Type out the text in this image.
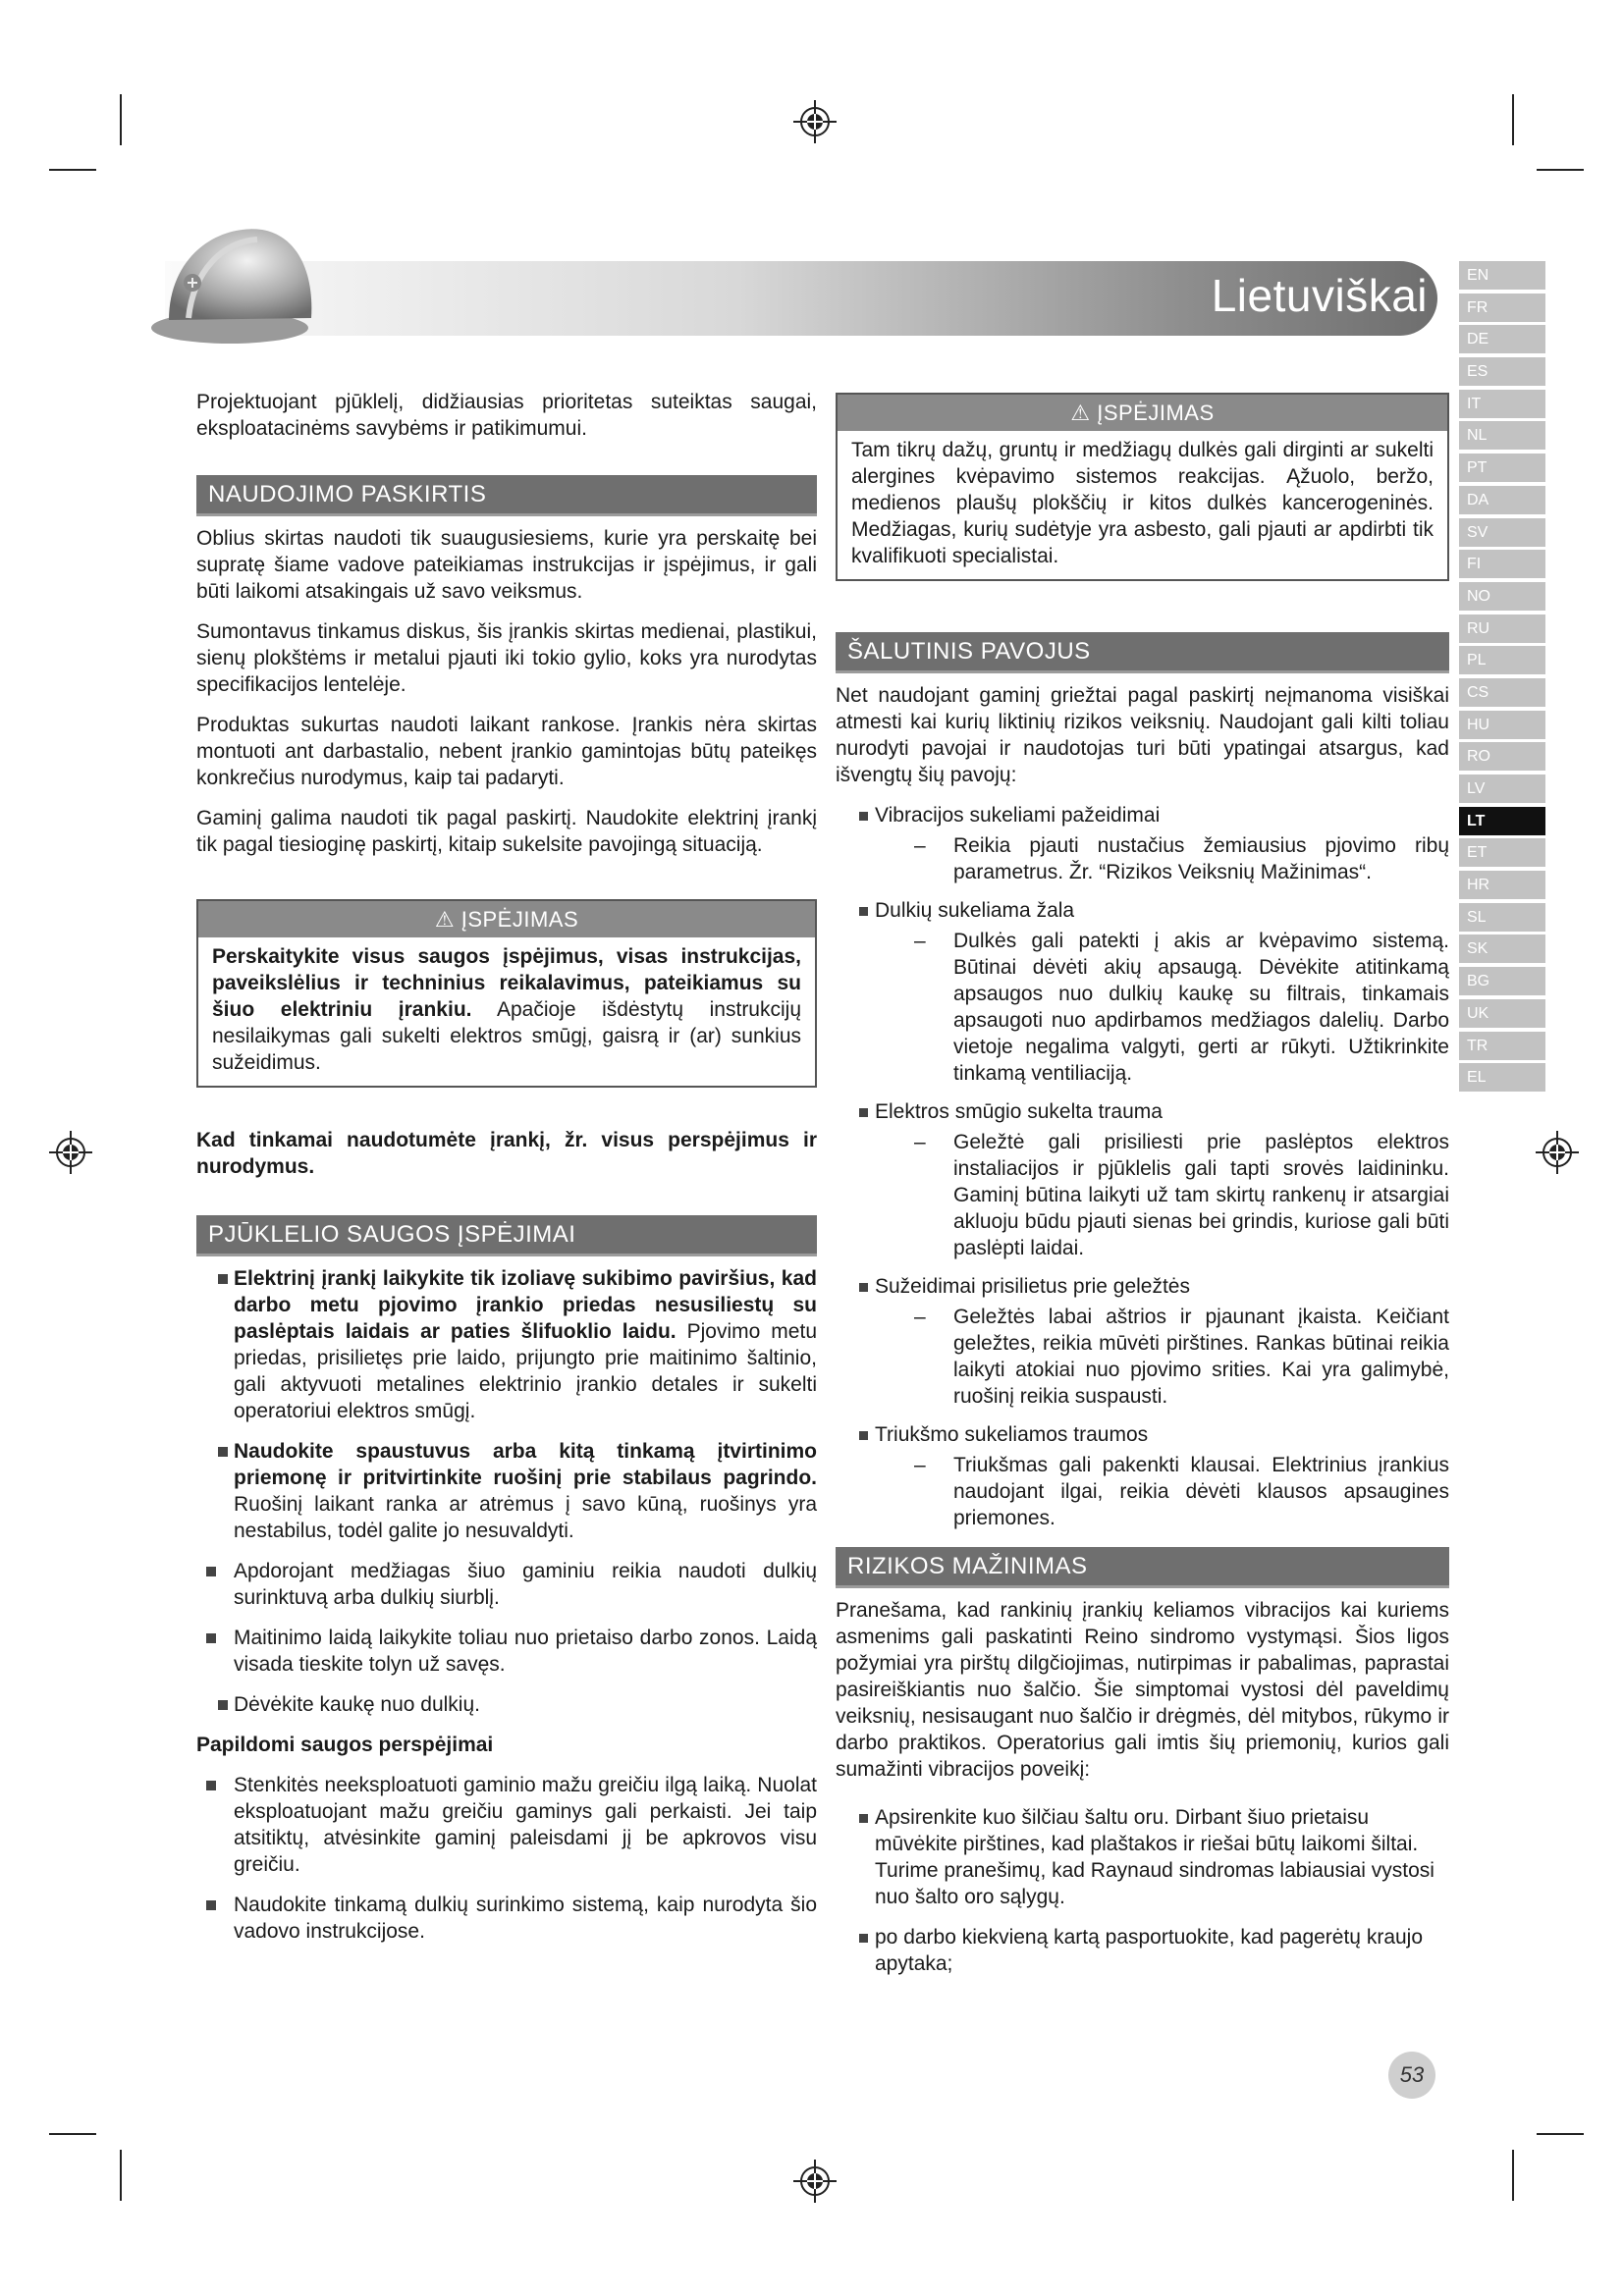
Lietuviškai	EN
FR
DE
ES
IT
NL
PT
DA
SV
FI
NO
RU
PL
CS
HU
RO
LV
LT
ET
HR
SL
SK
BG
UK
TR
EL

Projektuojant pjūklelį, didžiausias prioritetas suteiktas saugai, eksploatacinėms savybėms ir patikimumui.

NAUDOJIMO PASKIRTIS

Oblius skirtas naudoti tik suaugusiesiems, kurie yra perskaitę bei supratę šiame vadove pateikiamas instrukcijas ir įspėjimus, ir gali būti laikomi atsakingais už savo veiksmus.

Sumontavus tinkamus diskus, šis įrankis skirtas medienai, plastikui, sienų plokštėms ir metalui pjauti iki tokio gylio, koks yra nurodytas specifikacijos lentelėje.

Produktas sukurtas naudoti laikant rankose. Įrankis nėra skirtas montuoti ant darbastalio, nebent įrankio gamintojas būtų pateikęs konkrečius nurodymus, kaip tai padaryti.

Gaminį galima naudoti tik pagal paskirtį. Naudokite elektrinį įrankį tik pagal tiesioginę paskirtį, kitaip sukelsite pavojingą situaciją.

⚠ ĮSPĖJIMAS

Perskaitykite visus saugos įspėjimus, visas instrukcijas, paveikslėlius ir techninius reikalavimus, pateikiamus su šiuo elektriniu įrankiu. Apačioje išdėstytų instrukcijų nesilaikymas gali sukelti elektros smūgį, gaisrą ir (ar) sunkius sužeidimus.

Kad tinkamai naudotumėte įrankį, žr. visus perspėjimus ir nurodymus.

PJŪKLELIO SAUGOS ĮSPĖJIMAI
Elektrinį įrankį laikykite tik izoliavę sukibimo paviršius, kad darbo metu pjovimo įrankio priedas nesusiliestų su paslėptais laidais ar paties šlifuoklio laidu. Pjovimo metu priedas, prisilietęs prie laido, prijungto prie maitinimo šaltinio, gali aktyvuoti metalines elektrinio įrankio detales ir sukelti operatoriui elektros smūgį.
Naudokite spaustuvus arba kitą tinkamą įtvirtinimo priemonę ir pritvirtinkite ruošinį prie stabilaus pagrindo. Ruošinį laikant ranka ar atrėmus į savo kūną, ruošinys yra nestabilus, todėl galite jo nesuvaldyti.
Apdorojant medžiagas šiuo gaminiu reikia naudoti dulkių surinktuvą arba dulkių siurblį.
Maitinimo laidą laikykite toliau nuo prietaiso darbo zonos. Laidą visada tieskite tolyn už savęs.
Dėvėkite kaukę nuo dulkių.

Papildomi saugos perspėjimai

Stenkitės neeksploatuoti gaminio mažu greičiu ilgą laiką. Nuolat eksploatuojant mažu greičiu gaminys gali perkaisti. Jei taip atsitiktų, atvėsinkite gaminį paleisdami jį be apkrovos visu greičiu.
Naudokite tinkamą dulkių surinkimo sistemą, kaip nurodyta šio vadovo instrukcijose.
⚠ ĮSPĖJIMAS

Tam tikrų dažų, gruntų ir medžiagų dulkės gali dirginti ar sukelti alergines kvėpavimo sistemos reakcijas. Ąžuolo, beržo, medienos plaušų plokščių ir kitos dulkės kancerogeninės. Medžiagas, kurių sudėtyje yra asbesto, gali pjauti ar apdirbti tik kvalifikuoti specialistai.

ŠALUTINIS PAVOJUS

Net naudojant gaminį griežtai pagal paskirtį neįmanoma visiškai atmesti kai kurių liktinių rizikos veiksnių. Naudojant gali kilti toliau nurodyti pavojai ir naudotojas turi būti ypatingai atsargus, kad išvengtų šių pavojų:

Vibracijos sukeliami pažeidimai
– Reikia pjauti nustačius žemiausius pjovimo ribų parametrus. Žr. “Rizikos Veiksnių Mažinimas“.
Dulkių sukeliama žala
– Dulkės gali patekti į akis ar kvėpavimo sistemą. Būtinai dėvėti akių apsaugą. Dėvėkite atitinkamą apsaugos nuo dulkių kaukę su filtrais, tinkamais apsaugoti nuo apdirbamos medžiagos dalelių. Darbo vietoje negalima valgyti, gerti ar rūkyti. Užtikrinkite tinkamą ventiliaciją.
Elektros smūgio sukelta trauma
– Geležtė gali prisiliesti prie paslėptos elektros instaliacijos ir pjūklelis gali tapti srovės laidininku. Gaminį būtina laikyti už tam skirtų rankenų ir atsargiai akluoju būdu pjauti sienas bei grindis, kuriose gali būti paslėpti laidai.
Sužeidimai prisilietus prie geležtės
– Geležtės labai aštrios ir pjaunant įkaista. Keičiant geležtes, reikia mūvėti pirštines. Rankas būtinai reikia laikyti atokiai nuo pjovimo srities. Kai yra galimybė, ruošinį reikia suspausti.
Triukšmo sukeliamos traumos
– Triukšmas gali pakenkti klausai. Elektrinius įrankius naudojant ilgai, reikia dėvėti klausos apsaugines priemones.
RIZIKOS MAŽINIMAS

Pranešama, kad rankinių įrankių keliamos vibracijos kai kuriems asmenims gali paskatinti Reino sindromo vystymąsi. Šios ligos požymiai yra pirštų dilgčiojimas, nutirpimas ir pabalimas, paprastai pasireiškiantis nuo šalčio. Šie simptomai vystosi dėl paveldimų veiksnių, nesisaugant nuo šalčio ir drėgmės, dėl mitybos, rūkymo ir darbo praktikos. Operatorius gali imtis šių priemonių, kurios gali sumažinti vibracijos poveikį:

Apsirenkite kuo šilčiau šaltu oru. Dirbant šiuo prietaisu mūvėkite pirštines, kad plaštakos ir riešai būtų laikomi šiltai. Turime pranešimų, kad Raynaud sindromas labiausiai vystosi nuo šalto oro sąlygų.
po darbo kiekvieną kartą pasportuokite, kad pagerėtų kraujo apytaka;
53
